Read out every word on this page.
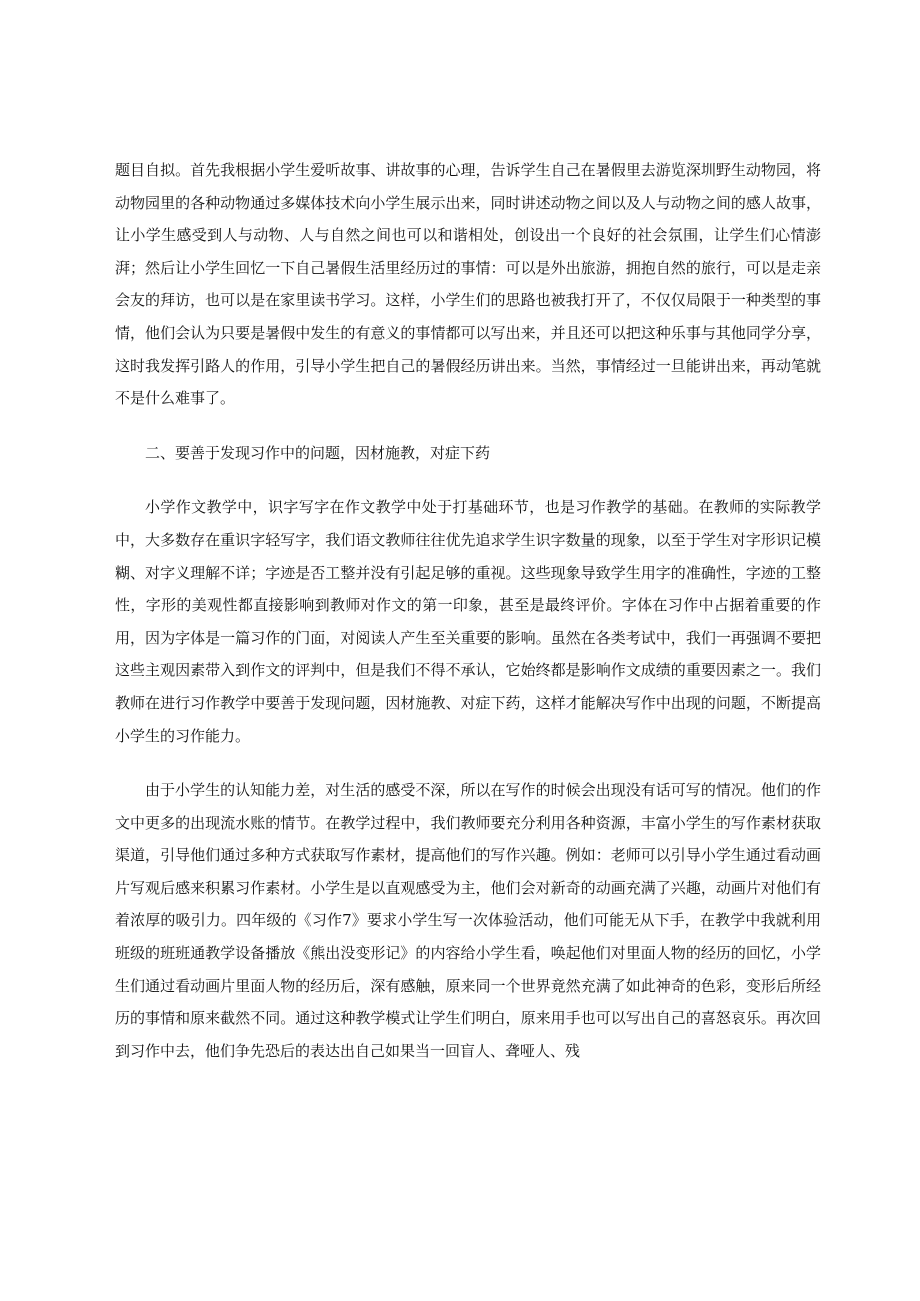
题目自拟。首先我根据小学生爱听故事、讲故事的心理，告诉学生自己在暑假里去游览深圳野生动物园，将动物园里的各种动物通过多媒体技术向小学生展示出来，同时讲述动物之间以及人与动物之间的感人故事，让小学生感受到人与动物、人与自然之间也可以和谐相处，创设出一个良好的社会氛围，让学生们心情澎湃；然后让小学生回忆一下自己暑假生活里经历过的事情：可以是外出旅游，拥抱自然的旅行，可以是走亲会友的拜访，也可以是在家里读书学习。这样，小学生们的思路也被我打开了，不仅仅局限于一种类型的事情，他们会认为只要是暑假中发生的有意义的事情都可以写出来，并且还可以把这种乐事与其他同学分享，这时我发挥引路人的作用，引导小学生把自己的暑假经历讲出来。当然，事情经过一旦能讲出来，再动笔就不是什么难事了。

二、要善于发现习作中的问题，因材施教，对症下药

小学作文教学中，识字写字在作文教学中处于打基础环节，也是习作教学的基础。在教师的实际教学中，大多数存在重识字轻写字，我们语文教师往往优先追求学生识字数量的现象，以至于学生对字形识记模糊、对字义理解不详；字迹是否工整并没有引起足够的重视。这些现象导致学生用字的准确性，字迹的工整性，字形的美观性都直接影响到教师对作文的第一印象，甚至是最终评价。字体在习作中占据着重要的作用，因为字体是一篇习作的门面，对阅读人产生至关重要的影响。虽然在各类考试中，我们一再强调不要把这些主观因素带入到作文的评判中，但是我们不得不承认，它始终都是影响作文成绩的重要因素之一。我们教师在进行习作教学中要善于发现问题，因材施教、对症下药，这样才能解决写作中出现的问题，不断提高小学生的习作能力。

由于小学生的认知能力差，对生活的感受不深，所以在写作的时候会出现没有话可写的情况。他们的作文中更多的出现流水账的情节。在教学过程中，我们教师要充分利用各种资源，丰富小学生的写作素材获取渠道，引导他们通过多种方式获取写作素材，提高他们的写作兴趣。例如：老师可以引导小学生通过看动画片写观后感来积累习作素材。小学生是以直观感受为主，他们会对新奇的动画充满了兴趣，动画片对他们有着浓厚的吸引力。四年级的《习作7》要求小学生写一次体验活动，他们可能无从下手，在教学中我就利用班级的班班通教学设备播放《熊出没变形记》的内容给小学生看，唤起他们对里面人物的经历的回忆，小学生们通过看动画片里面人物的经历后，深有感触，原来同一个世界竟然充满了如此神奇的色彩，变形后所经历的事情和原来截然不同。通过这种教学模式让学生们明白，原来用手也可以写出自己的喜怒哀乐。再次回到习作中去，他们争先恐后的表达出自己如果当一回盲人、聋哑人、残
